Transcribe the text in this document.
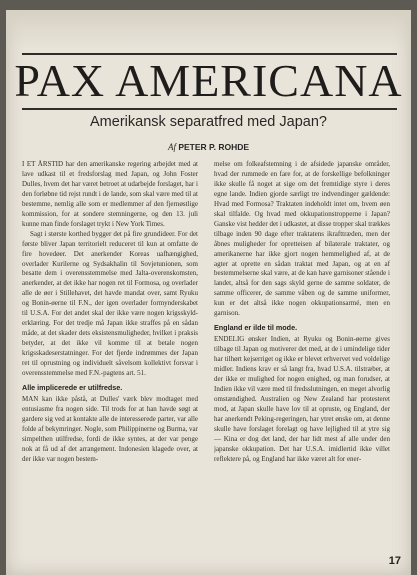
PAX AMERICANA
Amerikansk separatfred med Japan?
Af PETER P. ROHDE

I ET ÅRSTID har den amerikanske regering arbejdet med at lave udkast til et fredsforslag med Japan, og John Foster Dulles, hvem det har været betroet at udarbejde forslaget, har i den forløbne tid rejst rundt i de lande, som skal være med til at bestemme, nemlig alle som er medlemmer af den fjernøstlige kommission, for at sondere stemningerne, og den 13. juli kunne man finde forslaget trykt i New York Times.

Sagt i største korthed bygger det på fire grundideer. For det første bliver Japan territorielt reduceret til kun at omfatte de fire hovedøer. Det anerkender Koreas uafhængighed, overlader Kurilerne og Sydsakhalin til Sovjetunionen, som besatte dem i overensstemmelse med Jalta-overenskomsten, anerkender, at det ikke har nogen ret til Formosa, og overlader alle de øer i Stillehavet, det havde mandat over, samt Ryuku og Bonin-øerne til F.N., der igen overlader formynderskabet til U.S.A. For det andet skal der ikke være nogen krigsskyld-erklæring. For det tredje må Japan ikke straffes på en sådan måde, at det skader dets eksistensmuligheder, hvilket i praksis betyder, at det ikke vil komme til at betale nogen krigsskadeserstatninger. For det fjerde indrømmes der Japan ret til oprustning og individuelt såvelsom kollektivt forsvar i overensstemmelse med F.N.-pagtens art. 51.

Alle implicerede er utilfredse.

MAN kan ikke påstå, at Dulles' værk blev modtaget med entusiasme fra nogen side. Til trods for at han havde søgt at gardere sig ved at kontakte alle de interesserede parter, var alle folde af bekymringer. Nogle, som Philippinerne og Burma, var simpelthen utilfredse, fordi de ikke syntes, at der var penge nok at få ud af det arrangement. Indonesien klagede over, at der ikke var nogen bestem-

melse om folkeafstemning i de afsidede japanske områder, hvad der rummede en fare for, at de forskellige befolkninger ikke skulle få noget at sige om det fremtidige styre i deres egne lande. Indien gjorde særligt tre indvendinger gældende: Hvad med Formosa? Traktaten indeholdt intet om, hvem øen skal tilfalde. Og hvad med okkupationstropperne i Japan? Ganske vist hedder det i udkastet, at disse tropper skal trækkes tilbage inden 90 dage efter traktatens ikrafttræden, men der åbnes muligheder for opretteisen af bilaterale traktater, og amerikanerne har ikke gjort nogen hemmelighed af, at de agter at oprette en sådan traktat med Japan, og at en af bestemmelserne skal være, at de kan have garnisoner stående i landet, altså for den sags skyld gerne de samme soldater, de samme officerer, de samme våben og de samme uniformer, kun er det altså ikke nogen okkupationsarmé, men en garnison.

England er ilde til mode.

ENDELIG ønsker Indien, at Ryuku og Bonin-øerne gives tilbage til Japan og motiverer det med, at de i umindelige tider har tilhørt kejserriget og ikke er blevet erhvervet ved voldelige midler. Indiens krav er så langt fra, hvad U.S.A. tilstræber, at der ikke er mulighed for nogen enighed, og man forudser, at Indien ikke vil være med til fredsslutningen, en meget alvorlig omstændighed. Australien og New Zealand har protesteret mod, at Japan skulle have lov til at opruste, og England, der har anerkendt Peking-regeringen, har ytret ønske om, at denne skulle have forslaget forelagt og have lejlighed til at ytre sig — Kina er dog det land, der har lidt mest af alle under den japanske okkupation. Det har U.S.A. imidlertid ikke villet reflektere på, og England har ikke været alt for ener-

17
